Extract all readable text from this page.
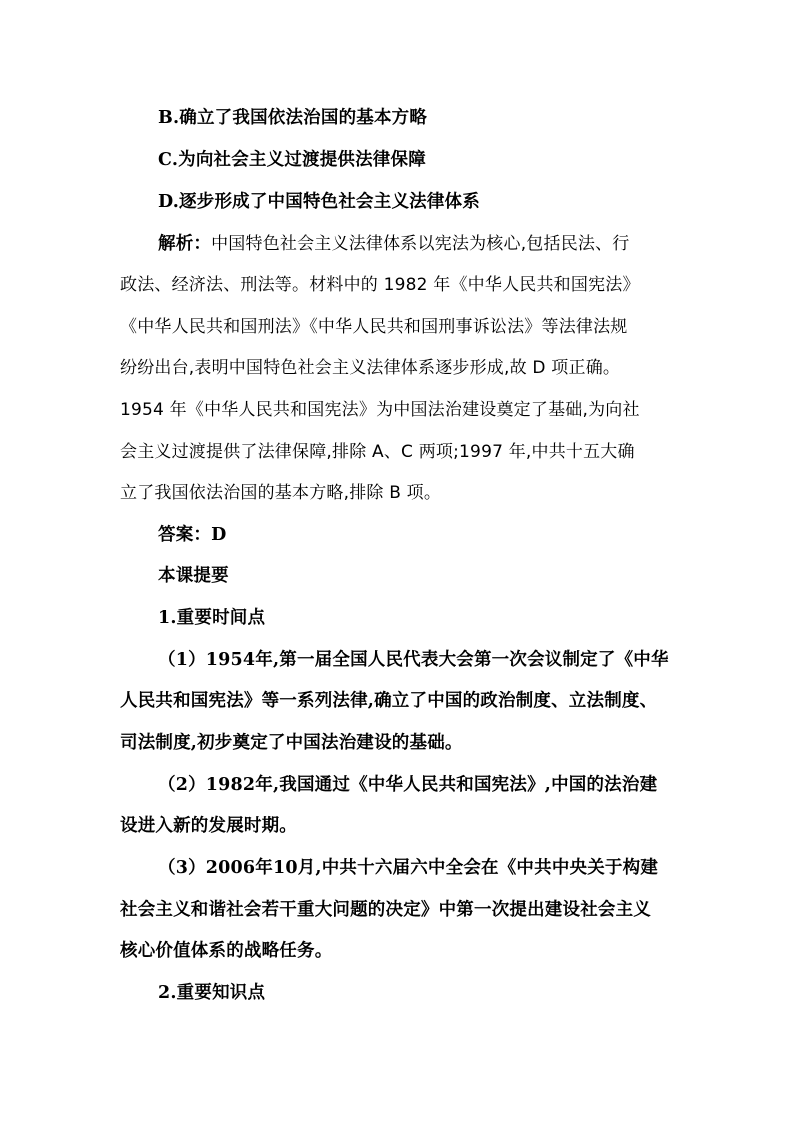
B.确立了我国依法治国的基本方略
C.为向社会主义过渡提供法律保障
D.逐步形成了中国特色社会主义法律体系
解析：中国特色社会主义法律体系以宪法为核心,包括民法、行
政法、经济法、刑法等。材料中的 1982 年《中华人民共和国宪法》
《中华人民共和国刑法》《中华人民共和国刑事诉讼法》等法律法规
纷纷出台,表明中国特色社会主义法律体系逐步形成,故 D 项正确。
1954 年《中华人民共和国宪法》为中国法治建设奠定了基础,为向社
会主义过渡提供了法律保障,排除 A、C 两项;1997 年,中共十五大确
立了我国依法治国的基本方略,排除 B 项。
答案：D
本课提要
1.重要时间点
（1）1954年,第一届全国人民代表大会第一次会议制定了《中华
人民共和国宪法》等一系列法律,确立了中国的政治制度、立法制度、
司法制度,初步奠定了中国法治建设的基础。
（2）1982年,我国通过《中华人民共和国宪法》,中国的法治建
设进入新的发展时期。
（3）2006年10月,中共十六届六中全会在《中共中央关于构建
社会主义和谐社会若干重大问题的决定》中第一次提出建设社会主义
核心价值体系的战略任务。
2.重要知识点
